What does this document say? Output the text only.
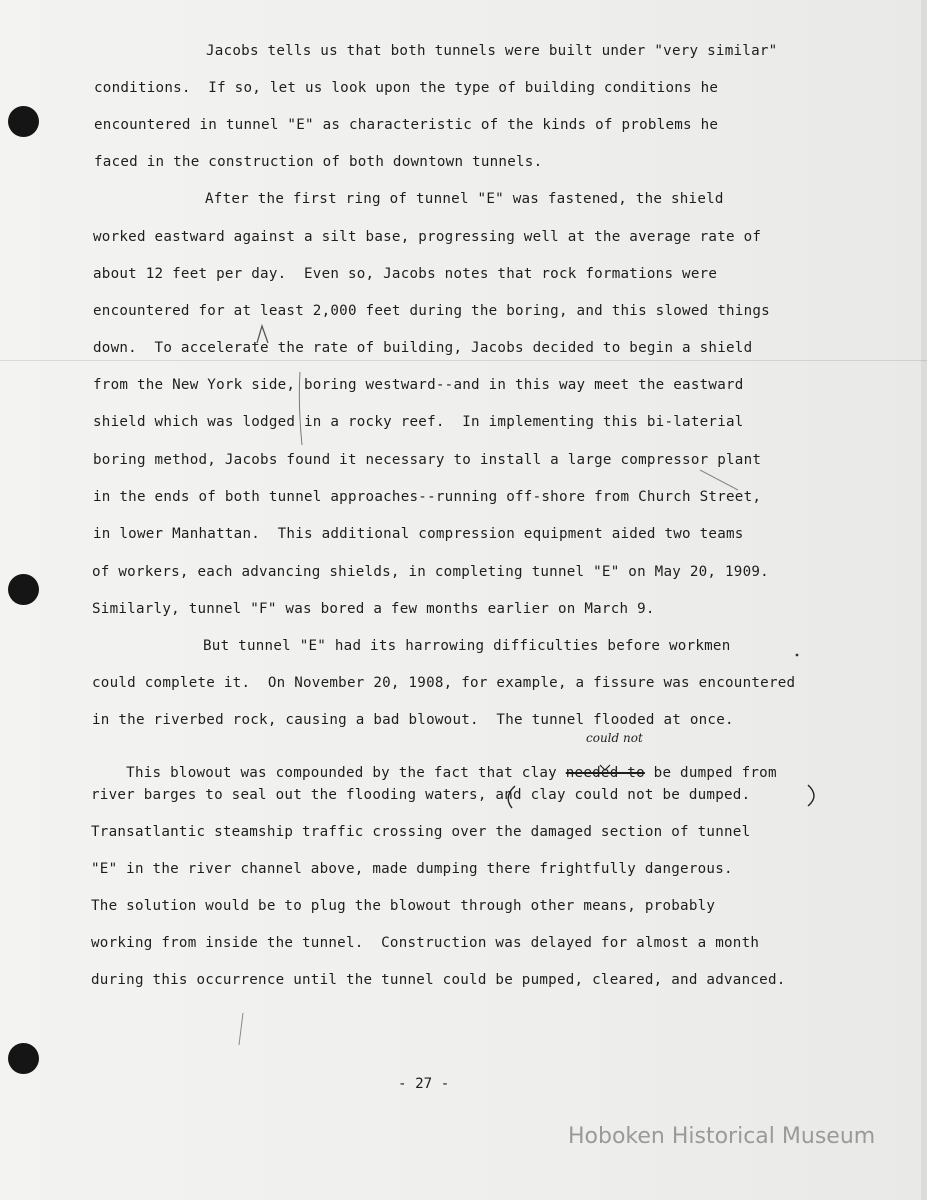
Jacobs tells us that both tunnels were built under "very similar"
conditions.  If so, let us look upon the type of building conditions he
encountered in tunnel "E" as characteristic of the kinds of problems he
faced in the construction of both downtown tunnels.
After the first ring of tunnel "E" was fastened, the shield
worked eastward against a silt base, progressing well at the average rate of
about 12 feet per day.  Even so, Jacobs notes that rock formations were
encountered for at least 2,000 feet during the boring, and this slowed things
down.  To accelerate the rate of building, Jacobs decided to begin a shield
from the New York side, boring westward--and in this way meet the eastward
shield which was lodged in a rocky reef.  In implementing this bi-laterial
boring method, Jacobs found it necessary to install a large compressor plant
in the ends of both tunnel approaches--running off-shore from Church Street,
in lower Manhattan.  This additional compression equipment aided two teams
of workers, each advancing shields, in completing tunnel "E" on May 20, 1909.
Similarly, tunnel "F" was bored a few months earlier on March 9.
But tunnel "E" had its harrowing difficulties before workmen
could complete it.  On November 20, 1908, for example, a fissure was encountered
in the riverbed rock, causing a bad blowout.  The tunnel flooded at once.

This blowout was compounded by the fact that clay needed to be dumped from

could not
river barges to seal out the flooding waters, and clay could not be dumped.
Transatlantic steamship traffic crossing over the damaged section of tunnel
"E" in the river channel above, made dumping there frightfully dangerous.
The solution would be to plug the blowout through other means, probably
working from inside the tunnel.  Construction was delayed for almost a month
during this occurrence until the tunnel could be pumped, cleared, and advanced.
- 27 -
Hoboken Historical Museum
